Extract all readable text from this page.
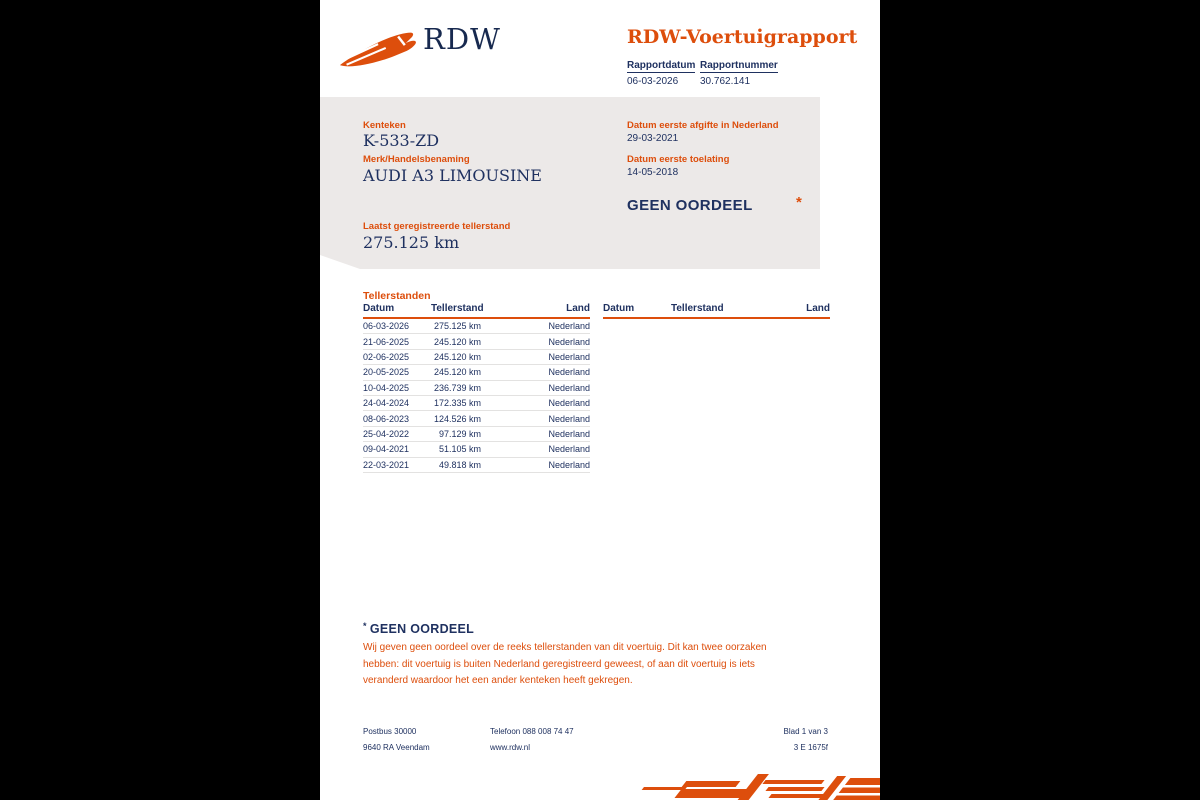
RDW	RDW-Voertuigrapport
Rapportdatum Rapportnummer
06-03-2026 30.762.141
Kenteken
K-533-ZD
Merk/Handelsbenaming
AUDI A3 LIMOUSINE
Laatst geregistreerde tellerstand
275.125 km
Datum eerste afgifte in Nederland
29-03-2021
Datum eerste toelating
14-05-2018
GEEN OORDEEL	*
Tellerstanden
Datum	Tellerstand	Land
06-03-2026	275.125 km	Nederland
21-06-2025	245.120 km	Nederland
02-06-2025	245.120 km	Nederland
20-05-2025	245.120 km	Nederland
10-04-2025	236.739 km	Nederland
24-04-2024	172.335 km	Nederland
08-06-2023	124.526 km	Nederland
25-04-2022	97.129 km	Nederland
09-04-2021	51.105 km	Nederland
22-03-2021	49.818 km	Nederland
Datum	Tellerstand	Land
* GEEN OORDEEL
Wij geven geen oordeel over de reeks tellerstanden van dit voertuig. Dit kan twee oorzaken hebben: dit voertuig is buiten Nederland geregistreerd geweest, of aan dit voertuig is iets veranderd waardoor het een ander kenteken heeft gekregen.
Postbus 30000
9640 RA Veendam
Telefoon 088 008 74 47
www.rdw.nl
Blad 1 van 3
3 E 1675f
